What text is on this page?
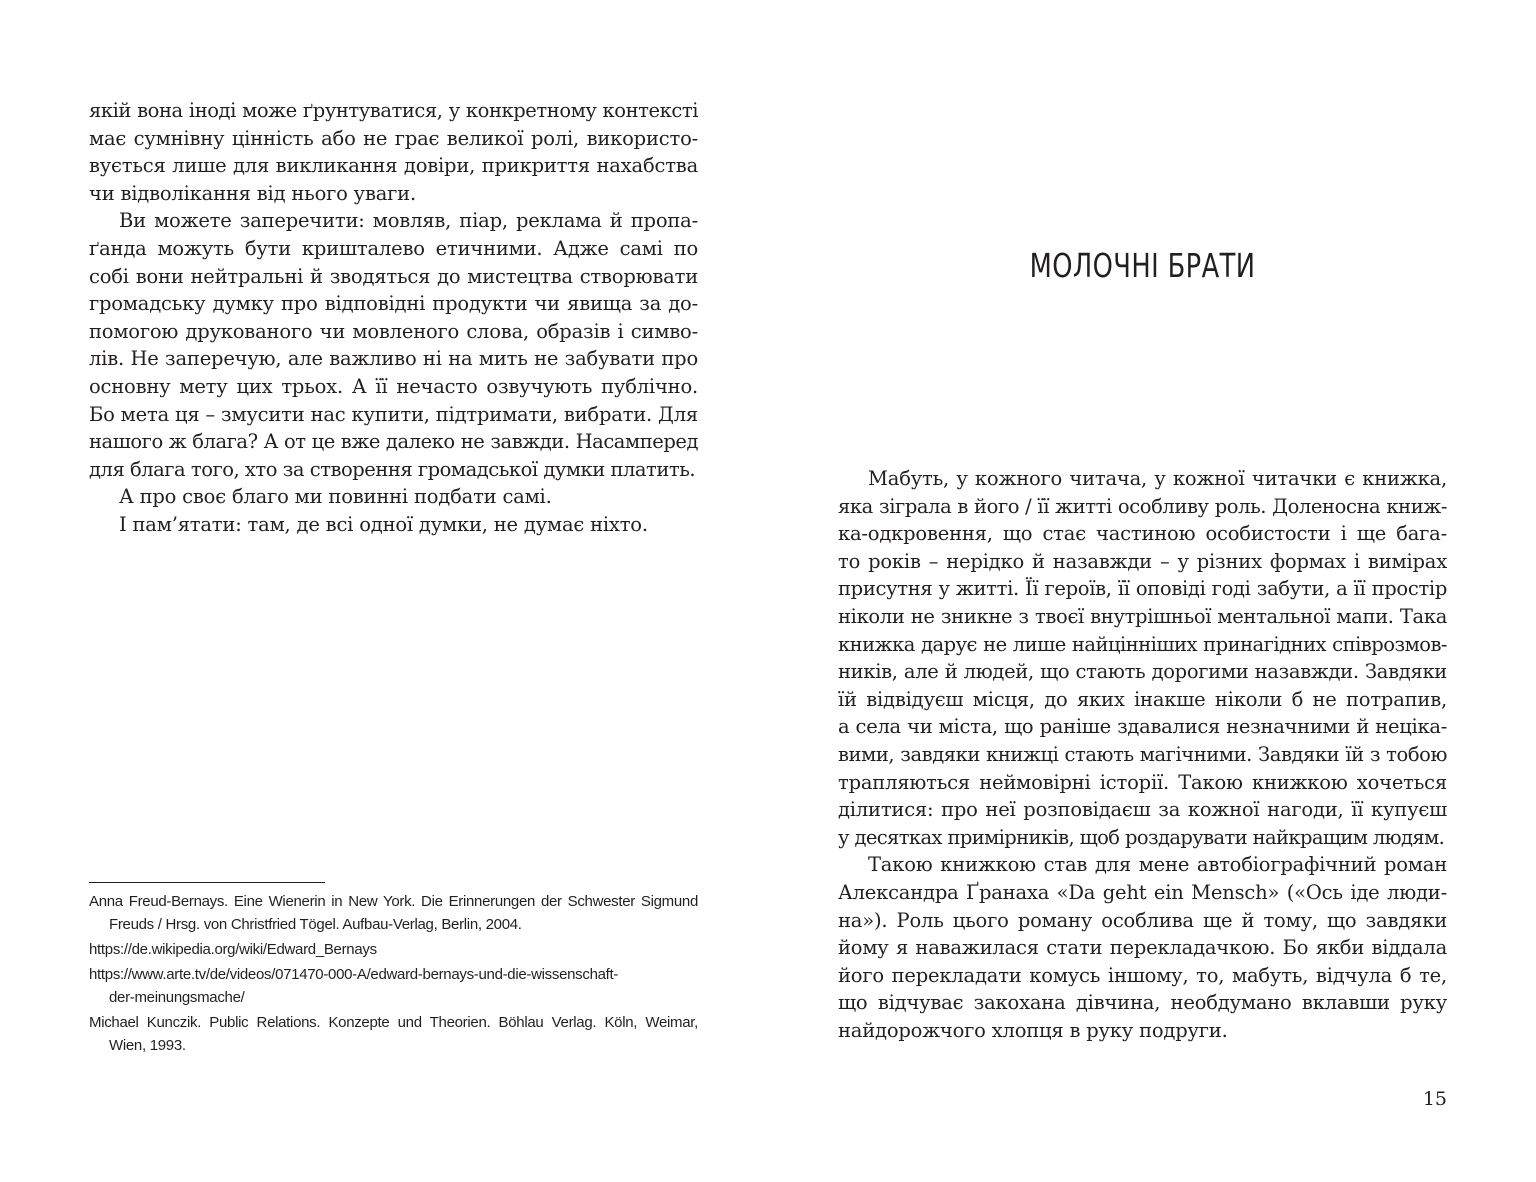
якій вона іноді може ґрунтуватися, у конкретному контексті
має сумнівну цінність або не грає великої ролі, використо-
вується лише для викликання довіри, прикриття нахабства
чи відволікання від нього уваги.
Ви можете заперечити: мовляв, піар, реклама й пропа-
ґанда можуть бути кришталево етичними. Адже самі по
собі вони нейтральні й зводяться до мистецтва створювати
громадську думку про відповідні продукти чи явища за до-
помогою друкованого чи мовленого слова, образів і симво-
лів. Не заперечую, але важливо ні на мить не забувати про
основну мету цих трьох. А її нечасто озвучують публічно.
Бо мета ця – змусити нас купити, підтримати, вибрати. Для
нашого ж блага? А от це вже далеко не завжди. Насамперед
для блага того, хто за створення громадської думки платить.
А про своє благо ми повинні подбати самі.
І пам’ятати: там, де всі одної думки, не думає ніхто.
Anna Freud-Bernays. Eine Wienerin in New York. Die Erinnerungen der Schwester Sigmund
Freuds / Hrsg. von Christfried Tögel. Aufbau-Verlag, Berlin, 2004.
https://de.wikipedia.org/wiki/Edward_Bernays
https://www.arte.tv/de/videos/071470-000-A/edward-bernays-und-die-wissenschaft-
der-meinungsmache/
Michael Kunczik. Public Relations. Konzepte und Theorien. Böhlau Verlag. Köln, Weimar,
Wien, 1993.
МОЛОЧНІ БРАТИ
Мабуть, у кожного читача, у кожної читачки є книжка,
яка зіграла в його / її житті особливу роль. Доленосна книж-
ка-одкровення, що стає частиною особистости і ще бага-
то років – нерідко й назавжди – у різних формах і вимірах
присутня у житті. Її героїв, її оповіді годі забути, а її простір
ніколи не зникне з твоєї внутрішньої ментальної мапи. Така
книжка дарує не лише найцінніших принагідних співрозмов-
ників, але й людей, що стають дорогими назавжди. Завдяки
їй відвідуєш місця, до яких інакше ніколи б не потрапив,
а села чи міста, що раніше здавалися незначними й нецікa-
вими, завдяки книжці стають магічними. Завдяки їй з тобою
трапляються неймовірні історії. Такою книжкою хочеться
ділитися: про неї розповідаєш за кожної нагоди, її купуєш
у десятках примірників, щоб роздарувати найкращим людям.
Такою книжкою став для мене автобіографічний роман
Александра Ґранаха «Da geht ein Mensch» («Ось іде люди-
на»). Роль цього роману особлива ще й тому, що завдяки
йому я наважилася стати перекладачкою. Бо якби віддала
його перекладати комусь іншому, то, мабуть, відчула б те,
що відчуває закохана дівчина, необдумано вклавши руку
найдорожчого хлопця в руку подруги.
15
